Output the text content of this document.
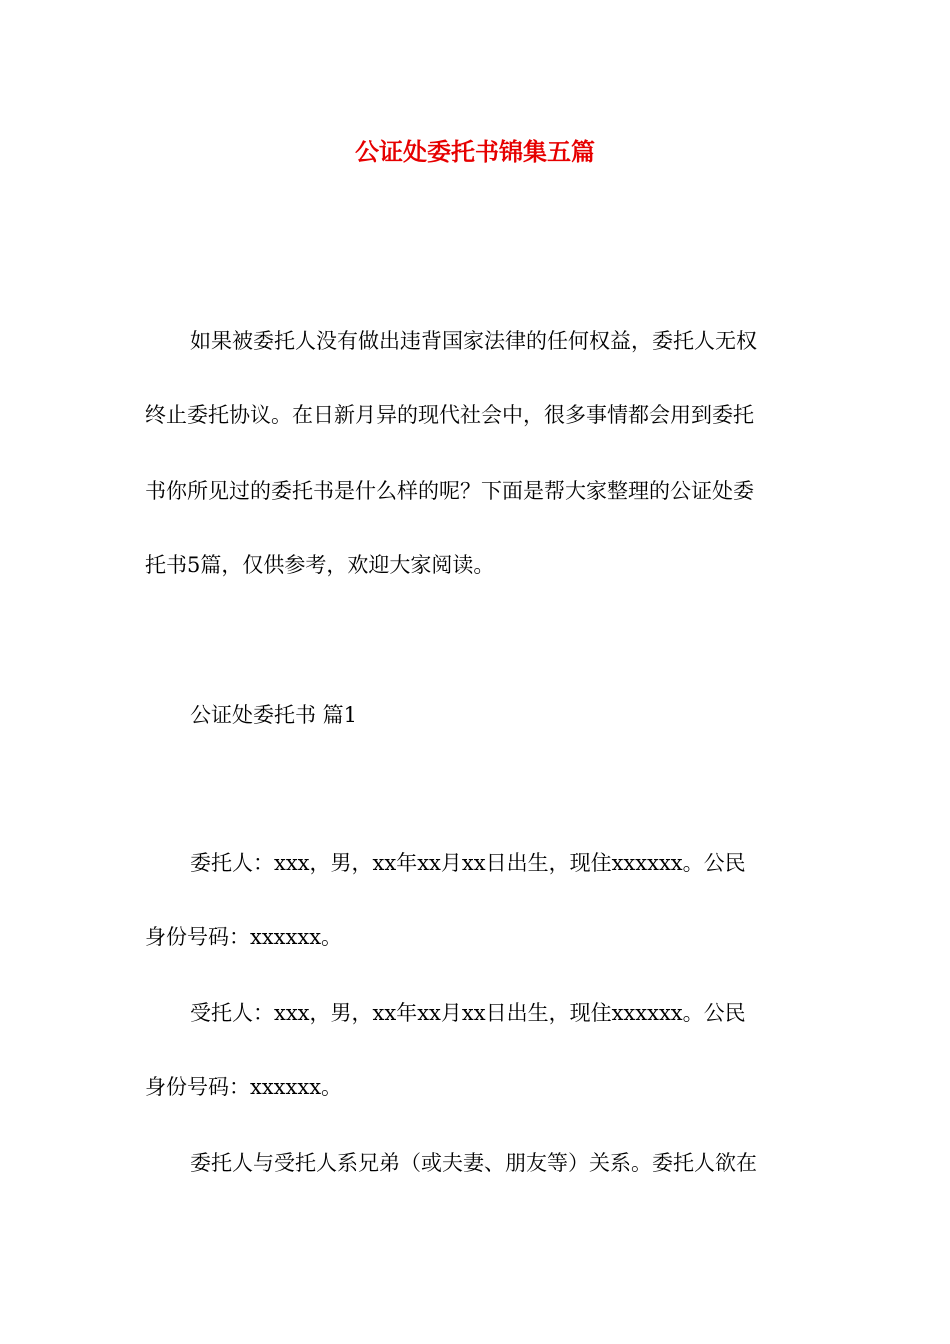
公证处委托书锦集五篇

如果被委托人没有做出违背国家法律的任何权益，委托人无权

终止委托协议。在日新月异的现代社会中，很多事情都会用到委托

书你所见过的委托书是什么样的呢？下面是帮大家整理的公证处委

托书5篇，仅供参考，欢迎大家阅读。

公证处委托书 篇1

委托人：xxx，男，xx年xx月xx日出生，现住xxxxxx。公民

身份号码：xxxxxx。

受托人：xxx，男，xx年xx月xx日出生，现住xxxxxx。公民

身份号码：xxxxxx。

委托人与受托人系兄弟（或夫妻、朋友等）关系。委托人欲在
